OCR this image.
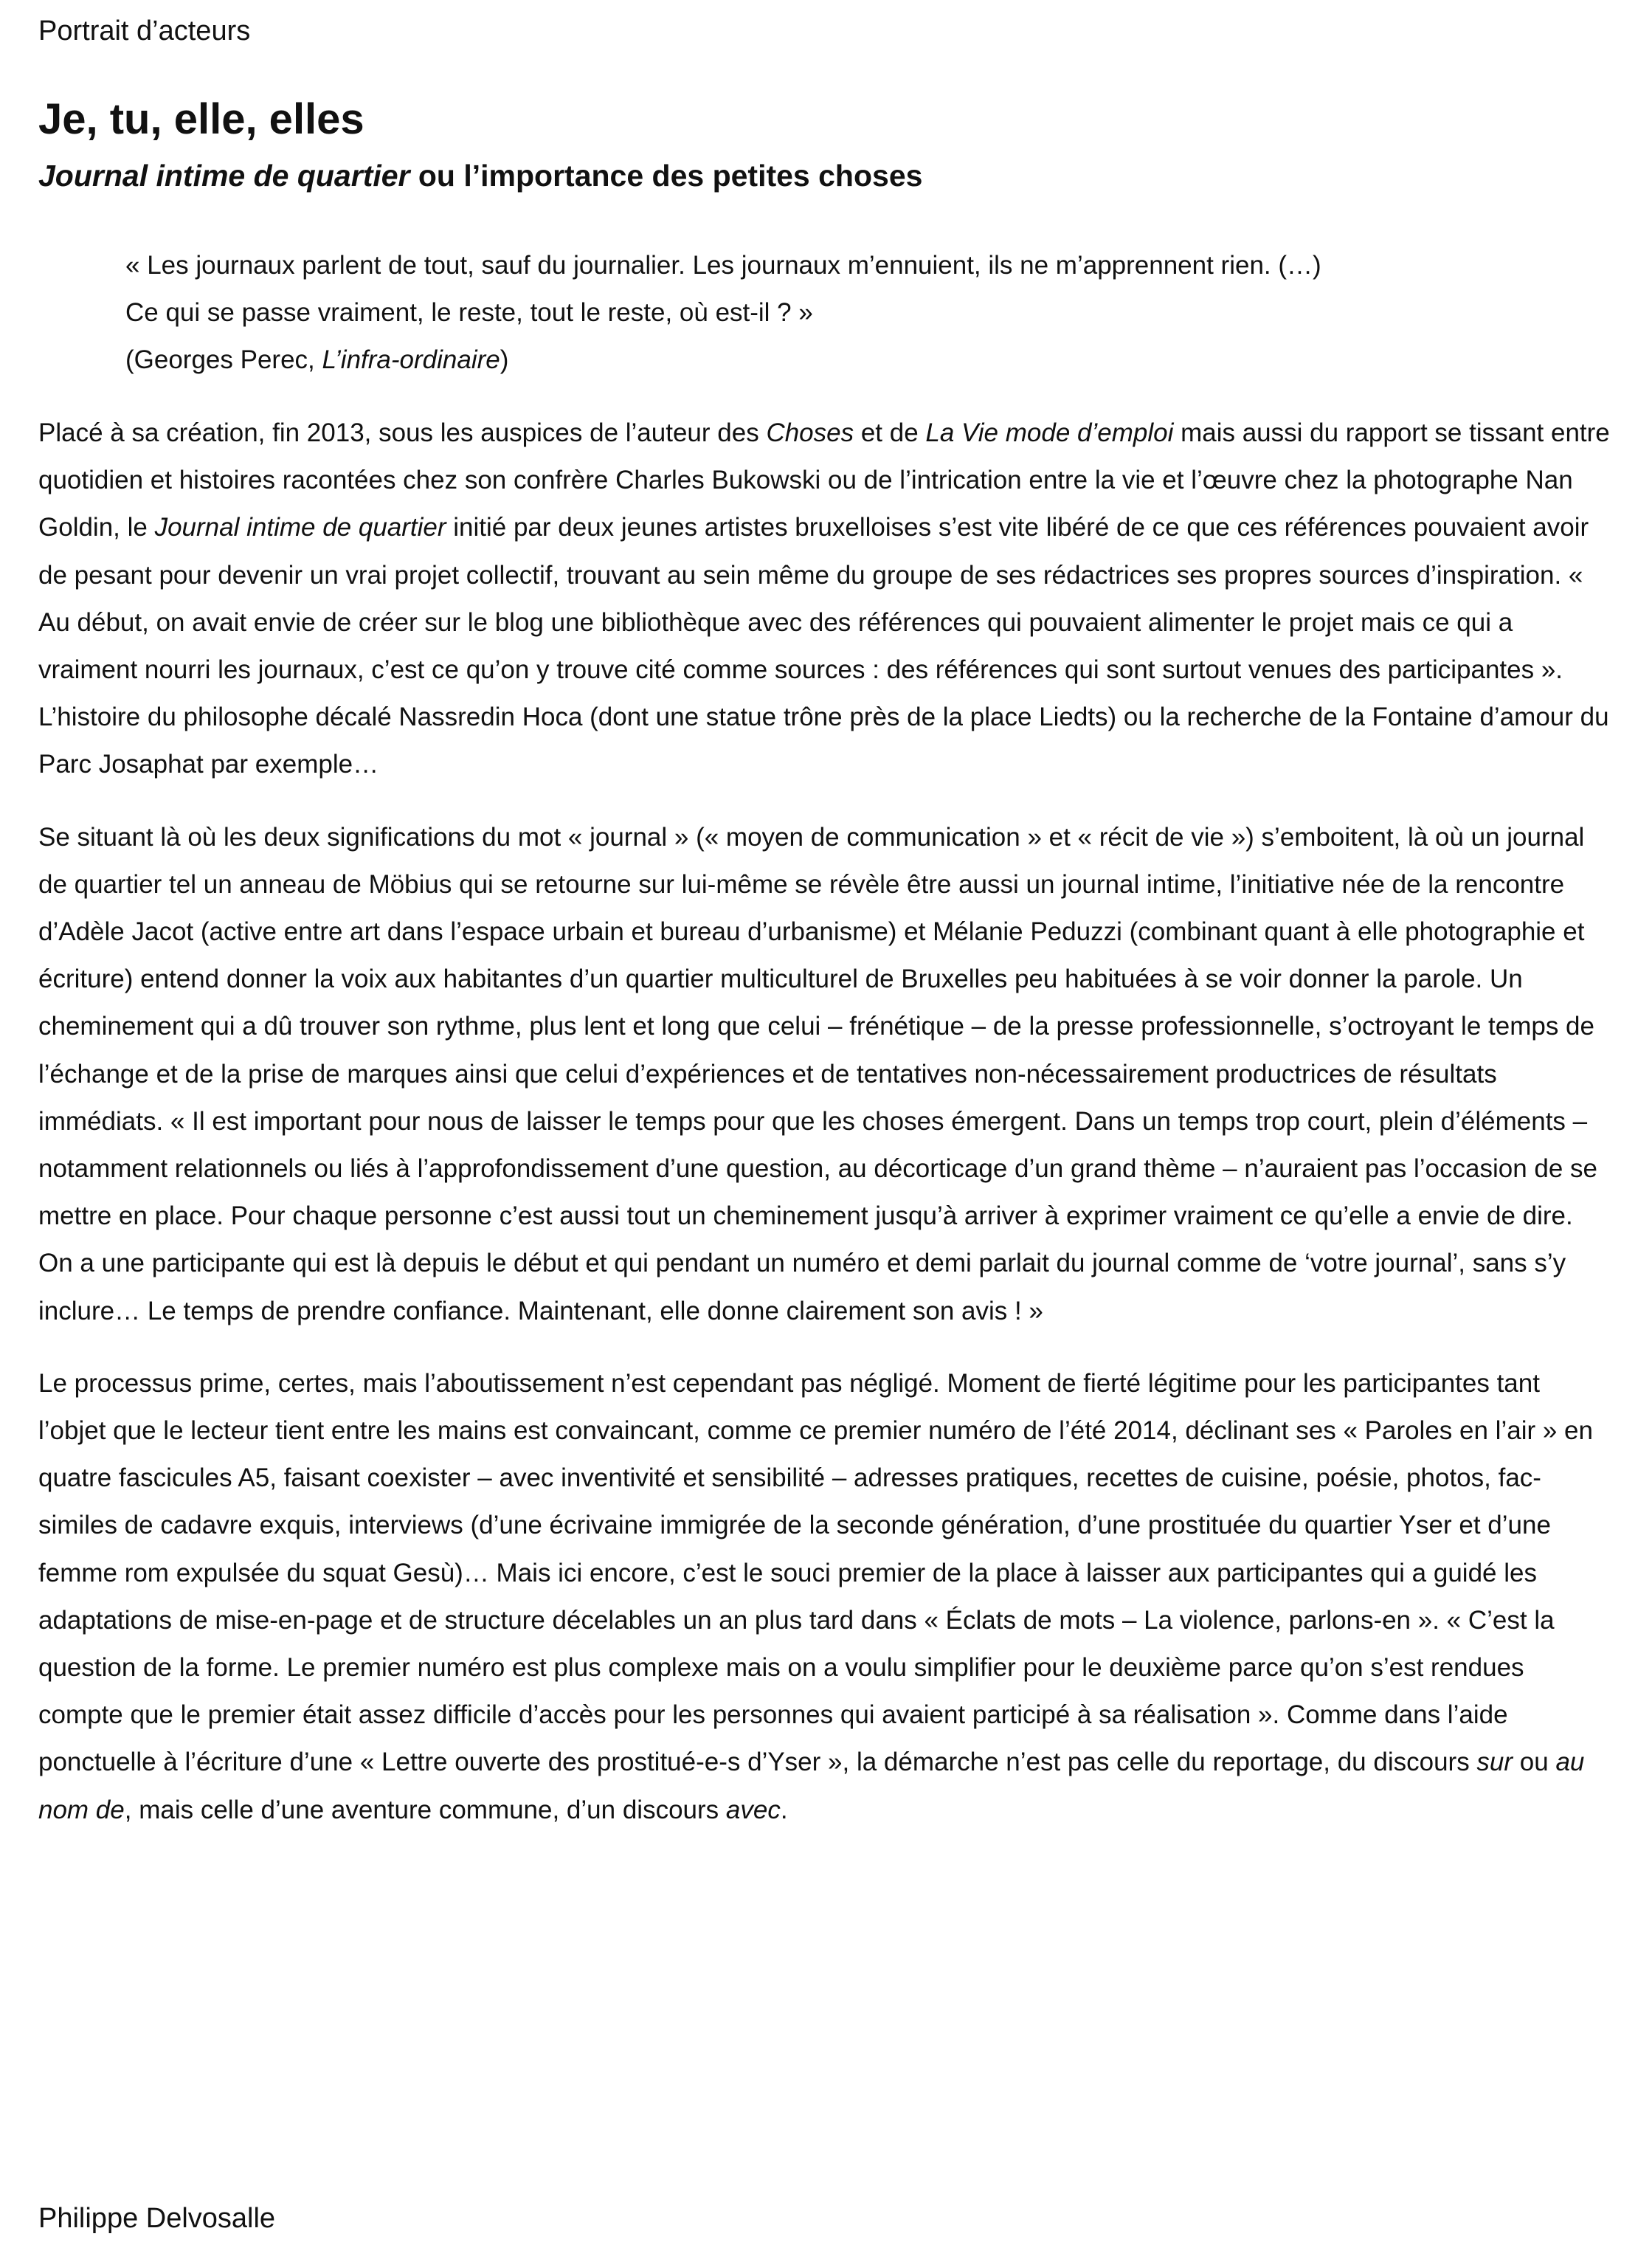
Portrait d’acteurs
Je, tu, elle, elles
Journal intime de quartier ou l’importance des petites choses

« Les journaux parlent de tout, sauf du journalier. Les journaux m’ennuient, ils ne m’apprennent rien. (…)

Ce qui se passe vraiment, le reste, tout le reste, où est-il ? »

(Georges Perec, L’infra-ordinaire)

Placé à sa création, fin 2013, sous les auspices de l’auteur des Choses et de La Vie mode d’emploi mais aussi du rapport se tissant entre quotidien et histoires racontées chez son confrère Charles Bukowski ou de l’intrication entre la vie et l’œuvre chez la photographe Nan Goldin, le Journal intime de quartier initié par deux jeunes artistes bruxelloises s’est vite libéré de ce que ces références pouvaient avoir de pesant pour devenir un vrai projet collectif, trouvant au sein même du groupe de ses rédactrices ses propres sources d’inspiration. « Au début, on avait envie de créer sur le blog une bibliothèque avec des références qui pouvaient alimenter le projet mais ce qui a vraiment nourri les journaux, c’est ce qu’on y trouve cité comme sources : des références qui sont surtout venues des participantes ». L’histoire du philosophe décalé Nassredin Hoca (dont une statue trône près de la place Liedts) ou la recherche de la Fontaine d’amour du Parc Josaphat par exemple…

Se situant là où les deux significations du mot « journal » (« moyen de communication » et « récit de vie ») s’emboitent, là où un journal de quartier tel un anneau de Möbius qui se retourne sur lui-même se révèle être aussi un journal intime, l’initiative née de la rencontre d’Adèle Jacot (active entre art dans l’espace urbain et bureau d’urbanisme) et Mélanie Peduzzi (combinant quant à elle photographie et écriture) entend donner la voix aux habitantes d’un quartier multiculturel de Bruxelles peu habituées à se voir donner la parole. Un cheminement qui a dû trouver son rythme, plus lent et long que celui – frénétique – de la presse professionnelle, s’octroyant le temps de l’échange et de la prise de marques ainsi que celui d’expériences et de tentatives non-nécessairement productrices de résultats immédiats. « Il est important pour nous de laisser le temps pour que les choses émergent. Dans un temps trop court, plein d’éléments – notamment relationnels ou liés à l’approfondissement d’une question, au décorticage d’un grand thème – n’auraient pas l’occasion de se mettre en place. Pour chaque personne c’est aussi tout un cheminement jusqu’à arriver à exprimer vraiment ce qu’elle a envie de dire. On a une participante qui est là depuis le début et qui pendant un numéro et demi parlait du journal comme de ‘votre journal’, sans s’y inclure… Le temps de prendre confiance. Maintenant, elle donne clairement son avis ! »

Le processus prime, certes, mais l’aboutissement n’est cependant pas négligé. Moment de fierté légitime pour les participantes tant l’objet que le lecteur tient entre les mains est convaincant, comme ce premier numéro de l’été 2014, déclinant ses « Paroles en l’air » en quatre fascicules A5, faisant coexister – avec inventivité et sensibilité – adresses pratiques, recettes de cuisine, poésie, photos, fac-similes de cadavre exquis, interviews (d’une écrivaine immigrée de la seconde génération, d’une prostituée du quartier Yser et d’une femme rom expulsée du squat Gesù)… Mais ici encore, c’est le souci premier de la place à laisser aux participantes qui a guidé les adaptations de mise-en-page et de structure décelables un an plus tard dans « Éclats de mots – La violence, parlons-en ». « C’est la question de la forme. Le premier numéro est plus complexe mais on a voulu simplifier pour le deuxième parce qu’on s’est rendues compte que le premier était assez difficile d’accès pour les personnes qui avaient participé à sa réalisation ». Comme dans l’aide ponctuelle à l’écriture d’une « Lettre ouverte des prostitué-e-s d’Yser », la démarche n’est pas celle du reportage, du discours sur ou au nom de, mais celle d’une aventure commune, d’un discours avec.

Philippe Delvosalle
